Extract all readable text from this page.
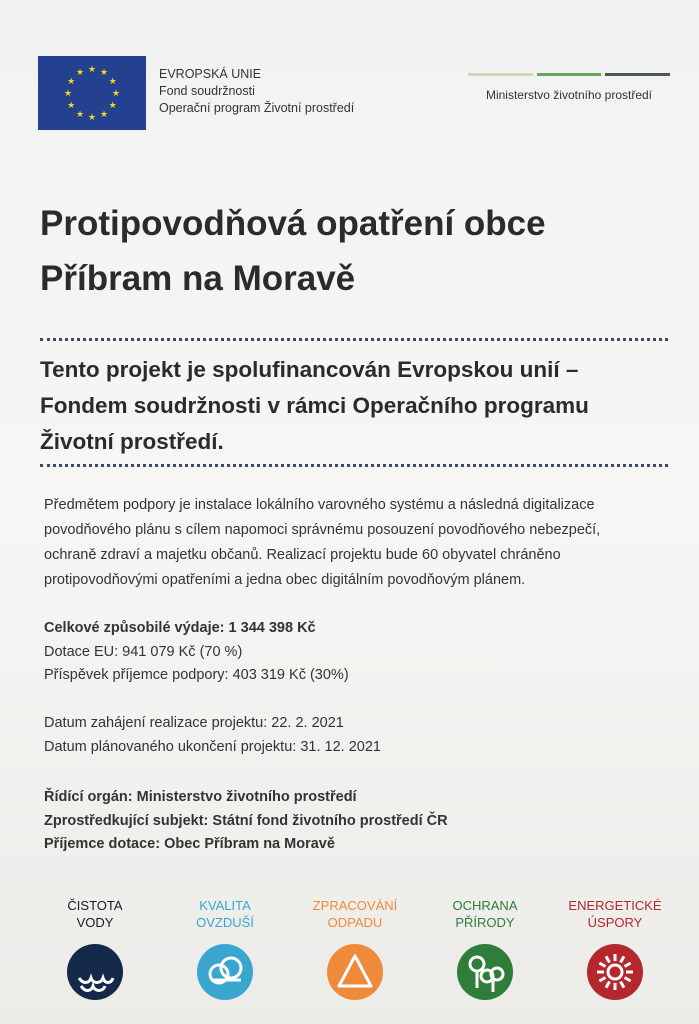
★ ★
★
★
★
★
★
★
★
★
★
★	EVROPSKÁ UNIE
Fond soudržnosti
Operační program Životní prostředí
Ministerstvo životního prostředí
Protipovodňová opatření obce
Příbram na Moravě
Tento projekt je spolufinancován Evropskou unií –
Fondem soudržnosti v rámci Operačního programu
Životní prostředí.
Předmětem podpory je instalace lokálního varovného systému a následná digitalizace
povodňového plánu s cílem napomoci správnému posouzení povodňového nebezpečí,
ochraně zdraví a majetku občanů. Realizací projektu bude 60 obyvatel chráněno
protipovodňovými opatřeními a jedna obec digitálním povodňovým plánem.
Celkové způsobilé výdaje: 1 344 398 Kč
Dotace EU: 941 079 Kč (70 %)
Příspěvek příjemce podpory: 403 319 Kč (30%)
Datum zahájení realizace projektu: 22. 2. 2021
Datum plánovaného ukončení projektu: 31. 12. 2021
Řídící orgán: Ministerstvo životního prostředí
Zprostředkující subjekt: Státní fond životního prostředí ČR
Příjemce dotace: Obec Příbram na Moravě
ČISTOTA
VODY
KVALITA
OVZDUŠÍ
ZPRACOVÁNÍ
ODPADU
OCHRANA
PŘÍRODY
ENERGETICKÉ
ÚSPORY
